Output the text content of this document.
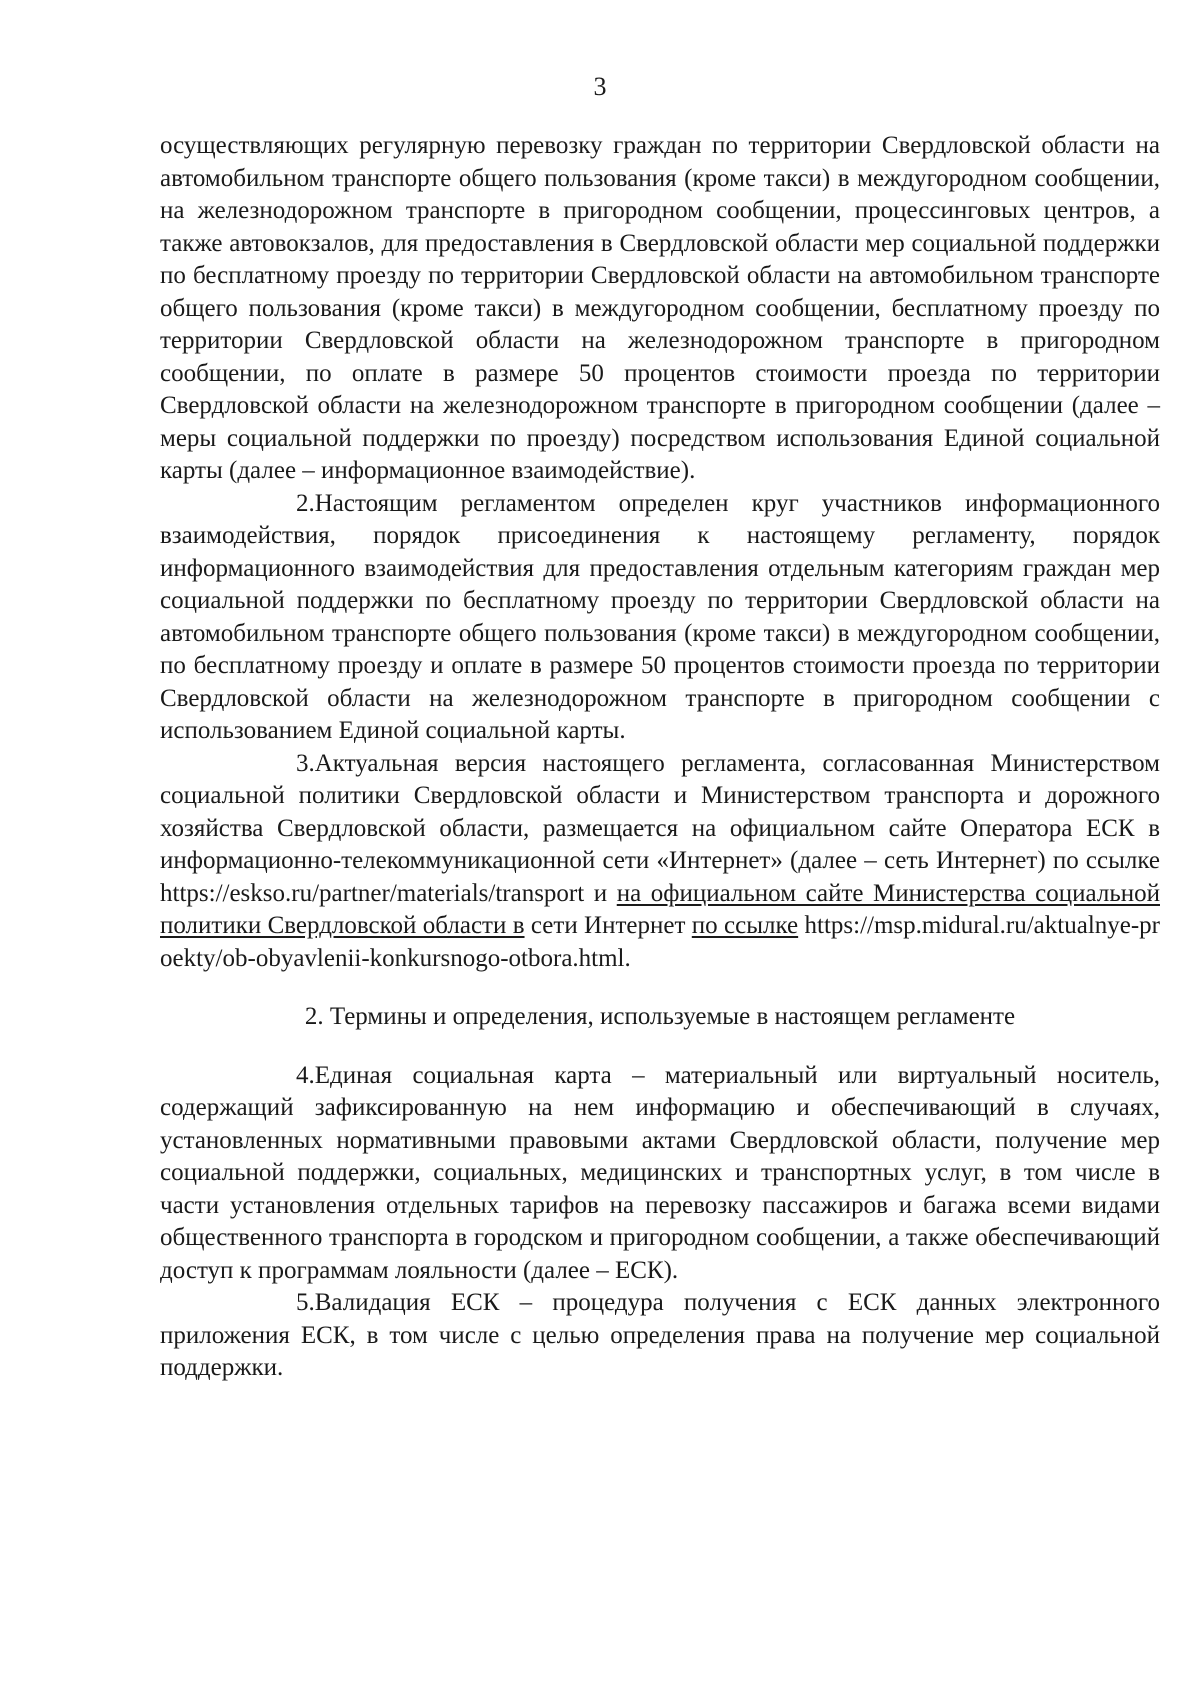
3

осуществляющих регулярную перевозку граждан по территории Свердловской области на автомобильном транспорте общего пользования (кроме такси) в междугородном сообщении, на железнодорожном транспорте в пригородном сообщении, процессинговых центров, а также автовокзалов, для предоставления в Свердловской области мер социальной поддержки по бесплатному проезду по территории Свердловской области на автомобильном транспорте общего пользования (кроме такси) в междугородном сообщении, бесплатному проезду по территории Свердловской области на железнодорожном транспорте в пригородном сообщении, по оплате в размере 50 процентов стоимости проезда по территории Свердловской области на железнодорожном транспорте в пригородном сообщении (далее – меры социальной поддержки по проезду) посредством использования Единой социальной карты (далее – информационное взаимодействие).

2.Настоящим регламентом определен круг участников информационного взаимодействия, порядок присоединения к настоящему регламенту, порядок информационного взаимодействия для предоставления отдельным категориям граждан мер социальной поддержки по бесплатному проезду по территории Свердловской области на автомобильном транспорте общего пользования (кроме такси) в междугородном сообщении, по бесплатному проезду и оплате в размере 50 процентов стоимости проезда по территории Свердловской области на железнодорожном транспорте в пригородном сообщении с использованием Единой социальной карты.

3.Актуальная версия настоящего регламента, согласованная Министерством социальной политики Свердловской области и Министерством транспорта и дорожного хозяйства Свердловской области, размещается на официальном сайте Оператора ЕСК в информационно-телекоммуникационной сети «Интернет» (далее – сеть Интернет) по ссылке https://eskso.ru/partner/materials/transport и на официальном сайте Министерства социальной политики Свердловской области в сети Интернет по ссылке https://msp.midural.ru/aktualnye-proekty/ob-obyavlenii-konkursnogo-otbora.html.

2. Термины и определения, используемые в настоящем регламенте

4.Единая социальная карта – материальный или виртуальный носитель, содержащий зафиксированную на нем информацию и обеспечивающий в случаях, установленных нормативными правовыми актами Свердловской области, получение мер социальной поддержки, социальных, медицинских и транспортных услуг, в том числе в части установления отдельных тарифов на перевозку пассажиров и багажа всеми видами общественного транспорта в городском и пригородном сообщении, а также обеспечивающий доступ к программам лояльности (далее – ЕСК).

5.Валидация ЕСК – процедура получения с ЕСК данных электронного приложения ЕСК, в том числе с целью определения права на получение мер социальной поддержки.
